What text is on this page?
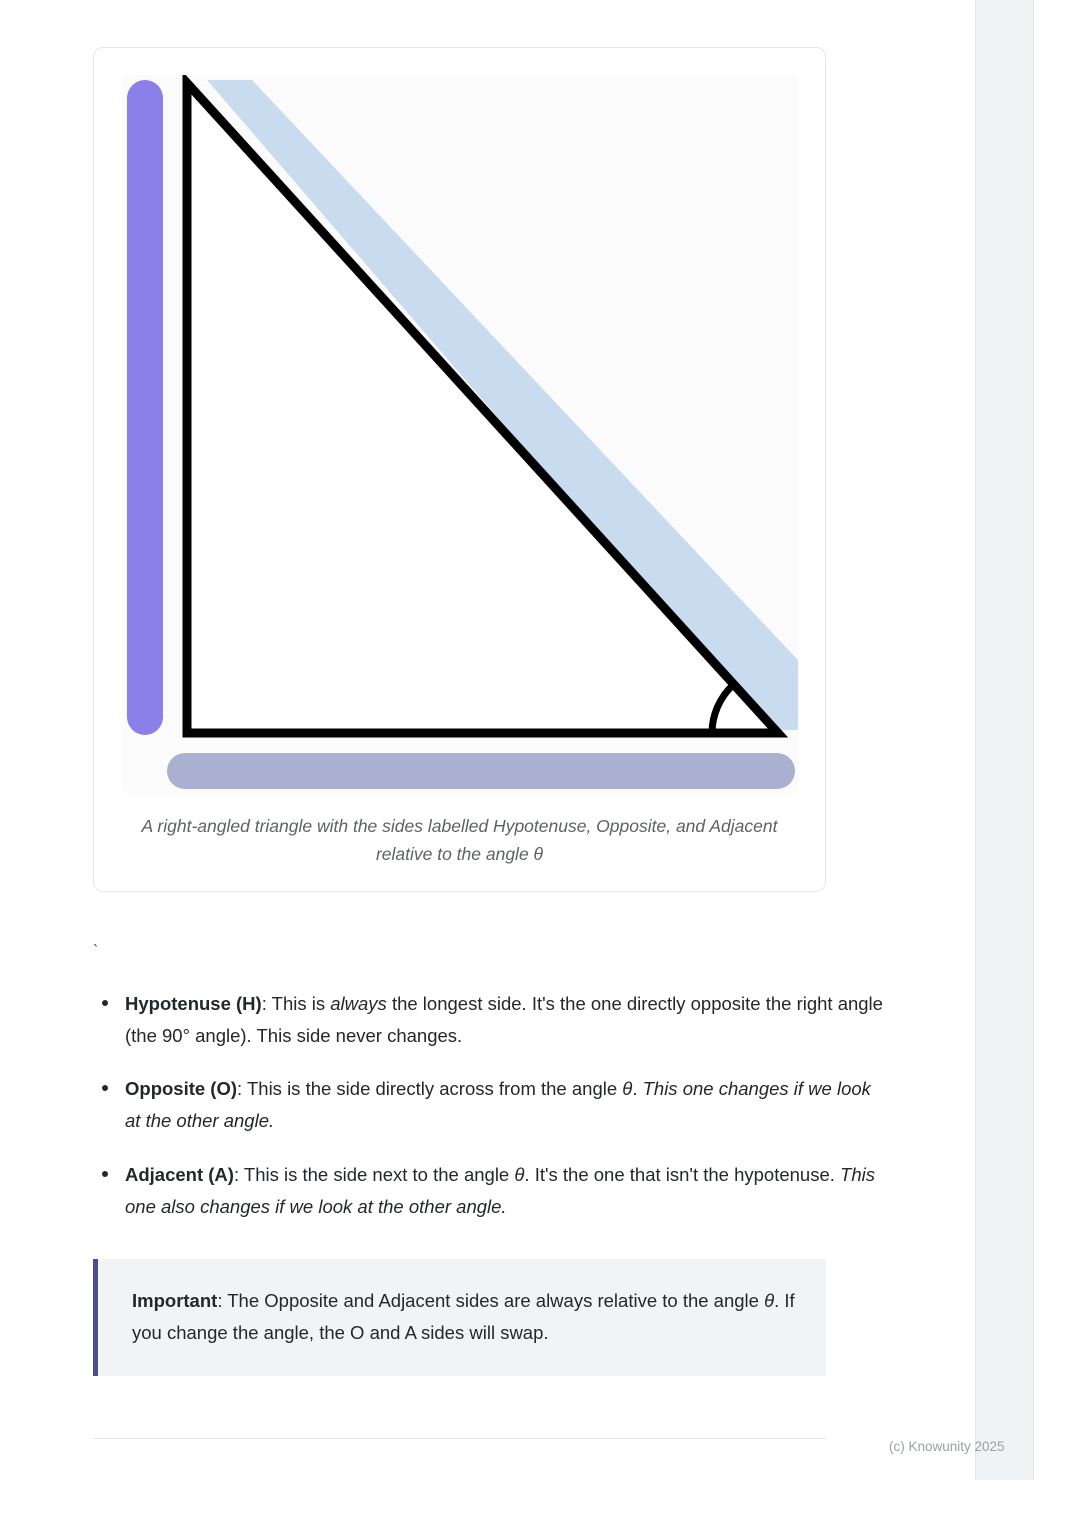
A right-angled triangle with the sides labelled Hypotenuse, Opposite, and Adjacent relative to the angle θ
`
Hypotenuse (H): This is always the longest side. It's the one directly opposite the right angle (the 90° angle). This side never changes.
Opposite (O): This is the side directly across from the angle θ. This one changes if we look at the other angle.
Adjacent (A): This is the side next to the angle θ. It's the one that isn't the hypotenuse. This one also changes if we look at the other angle.
Important: The Opposite and Adjacent sides are always relative to the angle θ. If you change the angle, the O and A sides will swap.
(c) Knowunity 2025
